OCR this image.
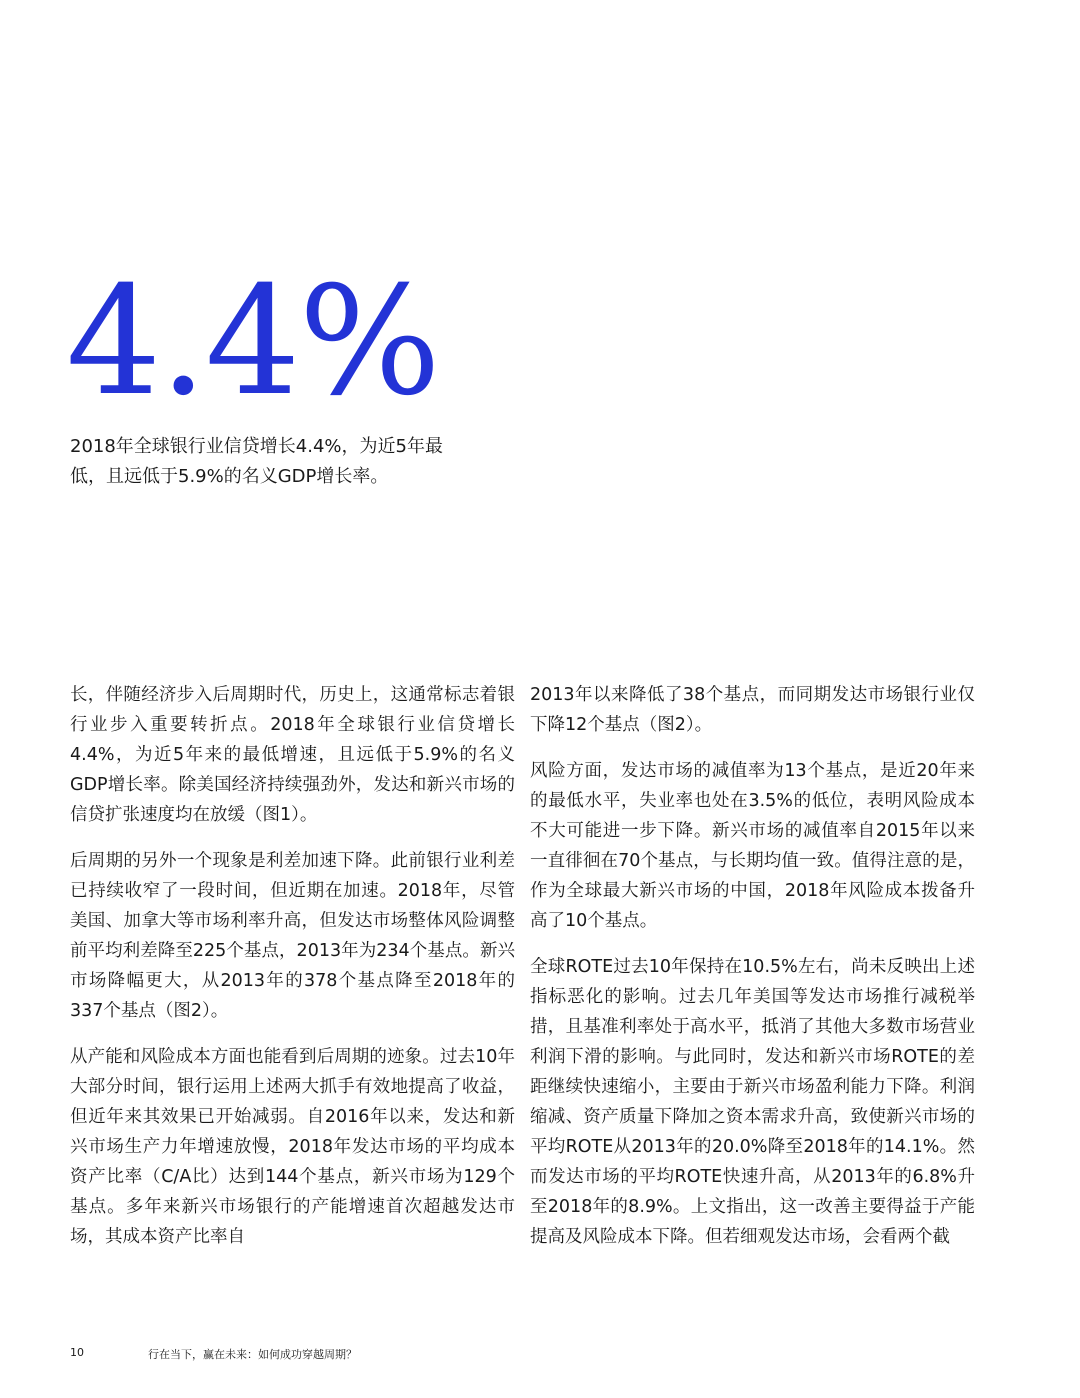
4.4%
2018年全球银行业信贷增长4.4%，为近5年最低，且远低于5.9%的名义GDP增长率。

长，伴随经济步入后周期时代，历史上，这通常标志着银行业步入重要转折点。2018年全球银行业信贷增长4.4%，为近5年来的最低增速，且远低于5.9%的名义GDP增长率。除美国经济持续强劲外，发达和新兴市场的信贷扩张速度均在放缓（图1）。

后周期的另外一个现象是利差加速下降。此前银行业利差已持续收窄了一段时间，但近期在加速。2018年，尽管美国、加拿大等市场利率升高，但发达市场整体风险调整前平均利差降至225个基点，2013年为234个基点。新兴市场降幅更大，从2013年的378个基点降至2018年的337个基点（图2）。

从产能和风险成本方面也能看到后周期的迹象。过去10年大部分时间，银行运用上述两大抓手有效地提高了收益，但近年来其效果已开始减弱。自2016年以来，发达和新兴市场生产力年增速放慢，2018年发达市场的平均成本资产比率（C/A比）达到144个基点，新兴市场为129个基点。多年来新兴市场银行的产能增速首次超越发达市场，其成本资产比率自

2013年以来降低了38个基点，而同期发达市场银行业仅下降12个基点（图2）。

风险方面，发达市场的减值率为13个基点，是近20年来的最低水平，失业率也处在3.5%的低位，表明风险成本不大可能进一步下降。新兴市场的减值率自2015年以来一直徘徊在70个基点，与长期均值一致。值得注意的是，作为全球最大新兴市场的中国，2018年风险成本拨备升高了10个基点。

全球ROTE过去10年保持在10.5%左右，尚未反映出上述指标恶化的影响。过去几年美国等发达市场推行减税举措，且基准利率处于高水平，抵消了其他大多数市场营业利润下滑的影响。与此同时，发达和新兴市场ROTE的差距继续快速缩小，主要由于新兴市场盈利能力下降。利润缩减、资产质量下降加之资本需求升高，致使新兴市场的平均ROTE从2013年的20.0%降至2018年的14.1%。然而发达市场的平均ROTE快速升高，从2013年的6.8%升至2018年的8.9%。上文指出，这一改善主要得益于产能提高及风险成本下降。但若细观发达市场，会看两个截

10	行在当下，赢在未来：如何成功穿越周期？
